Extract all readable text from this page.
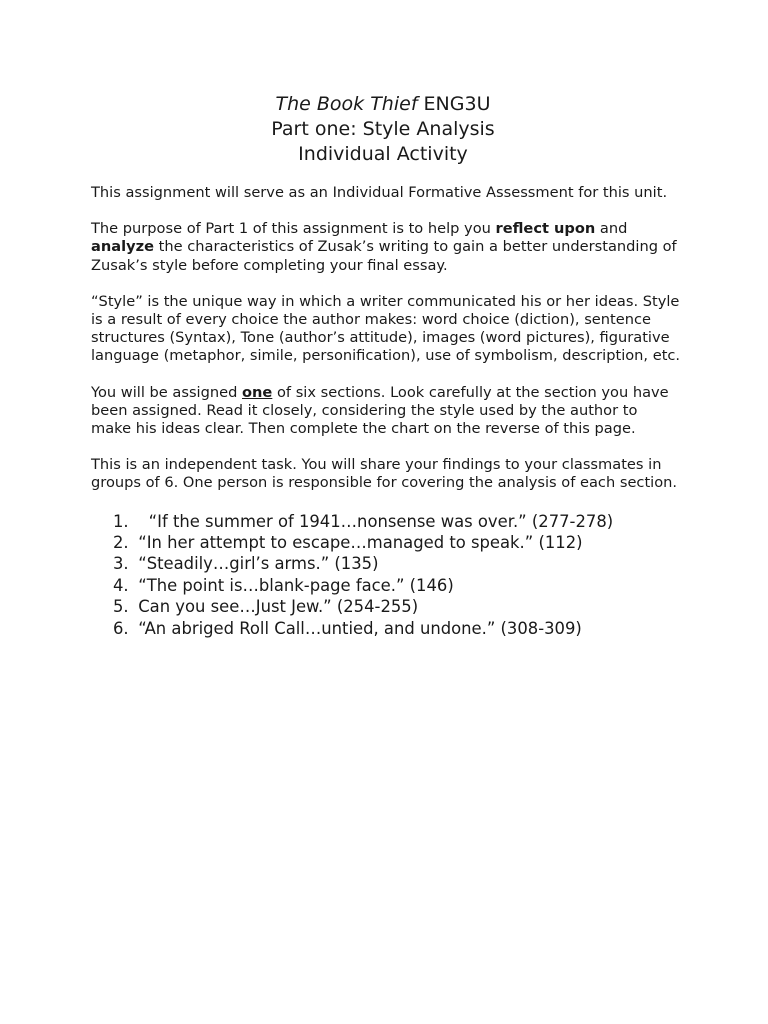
The Book Thief ENG3U
Part one: Style Analysis
Individual Activity

This assignment will serve as an Individual Formative Assessment for this unit.

The purpose of Part 1 of this assignment is to help you reflect upon and analyze the characteristics of Zusak’s writing to gain a better understanding of Zusak’s style before completing your final essay.

“Style” is the unique way in which a writer communicated his or her ideas. Style is a result of every choice the author makes: word choice (diction), sentence structures (Syntax), Tone (author’s attitude), images (word pictures), figurative language (metaphor, simile, personification), use of symbolism, description, etc.

You will be assigned one of six sections. Look carefully at the section you have been assigned. Read it closely, considering the style used by the author to make his ideas clear. Then complete the chart on the reverse of this page.

This is an independent task. You will share your findings to your classmates in groups of 6. One person is responsible for covering the analysis of each section.

1.   “If the summer of 1941…nonsense was over.” (277-278)
2. “In her attempt to escape…managed to speak.” (112)
3. “Steadily…girl’s arms.” (135)
4. “The point is…blank-page face.” (146)
5. Can you see…Just Jew.” (254-255)
6. “An abriged Roll Call…untied, and undone.” (308-309)
